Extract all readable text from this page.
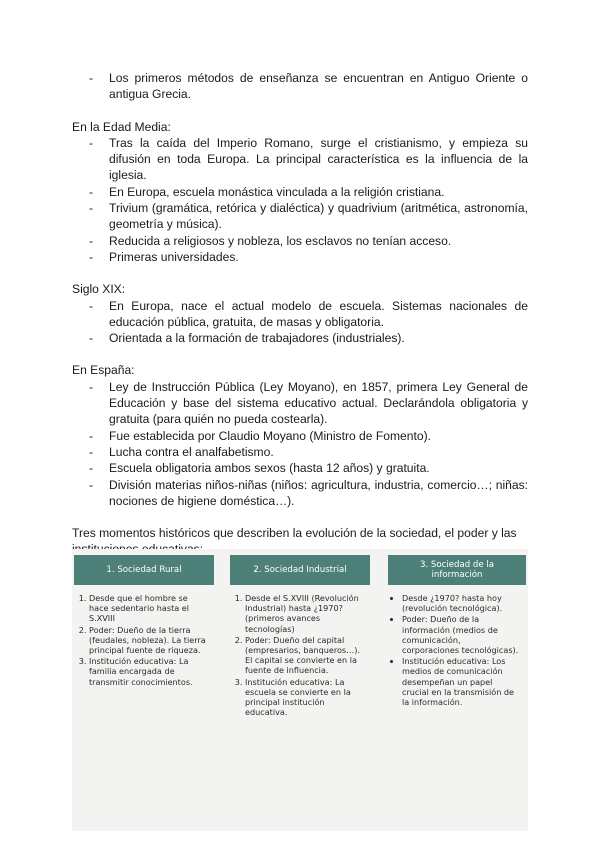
- Los primeros métodos de enseñanza se encuentran en Antiguo Oriente o antigua Grecia.

En la Edad Media:

- Tras la caída del Imperio Romano, surge el cristianismo, y empieza su difusión en toda Europa. La principal característica es la influencia de la iglesia.
- En Europa, escuela monástica vinculada a la religión cristiana.
- Trivium (gramática, retórica y dialéctica) y quadrivium (aritmética, astronomía, geometría y música).
- Reducida a religiosos y nobleza, los esclavos no tenían acceso.
- Primeras universidades.

Siglo XIX:

- En Europa, nace el actual modelo de escuela. Sistemas nacionales de educación pública, gratuita, de masas y obligatoria.
- Orientada a la formación de trabajadores (industriales).

En España:

- Ley de Instrucción Pública (Ley Moyano), en 1857, primera Ley General de Educación y base del sistema educativo actual. Declarándola obligatoria y gratuita (para quién no pueda costearla).
- Fue establecida por Claudio Moyano (Ministro de Fomento).
- Lucha contra el analfabetismo.
- Escuela obligatoria ambos sexos (hasta 12 años) y gratuita.
- División materias niños-niñas (niños: agricultura, industria, comercio…; niñas: nociones de higiene doméstica…).

Tres momentos históricos que describen la evolución de la sociedad, el poder y las

1. Sociedad Rural
1. Desde que el hombre se hace sedentario hasta el S.XVIII
2. Poder: Dueño de la tierra (feudales, nobleza). La tierra principal fuente de riqueza.
3. Institución educativa: La familia encargada de transmitir conocimientos.
2. Sociedad Industrial
1. Desde el S.XVIII (Revolución Industrial) hasta ¿1970? (primeros avances tecnologías)
2. Poder: Dueño del capital (empresarios, banqueros…). El capital se convierte en la fuente de influencia.
3. Institución educativa: La escuela se convierte en la principal institución educativa.
3. Sociedad de la información
• Desde ¿1970? hasta hoy (revolución tecnológica).
• Poder: Dueño de la información (medios de comunicación, corporaciones tecnológicas).
• Institución educativa: Los medios de comunicación desempeñan un papel crucial en la transmisión de la información.
